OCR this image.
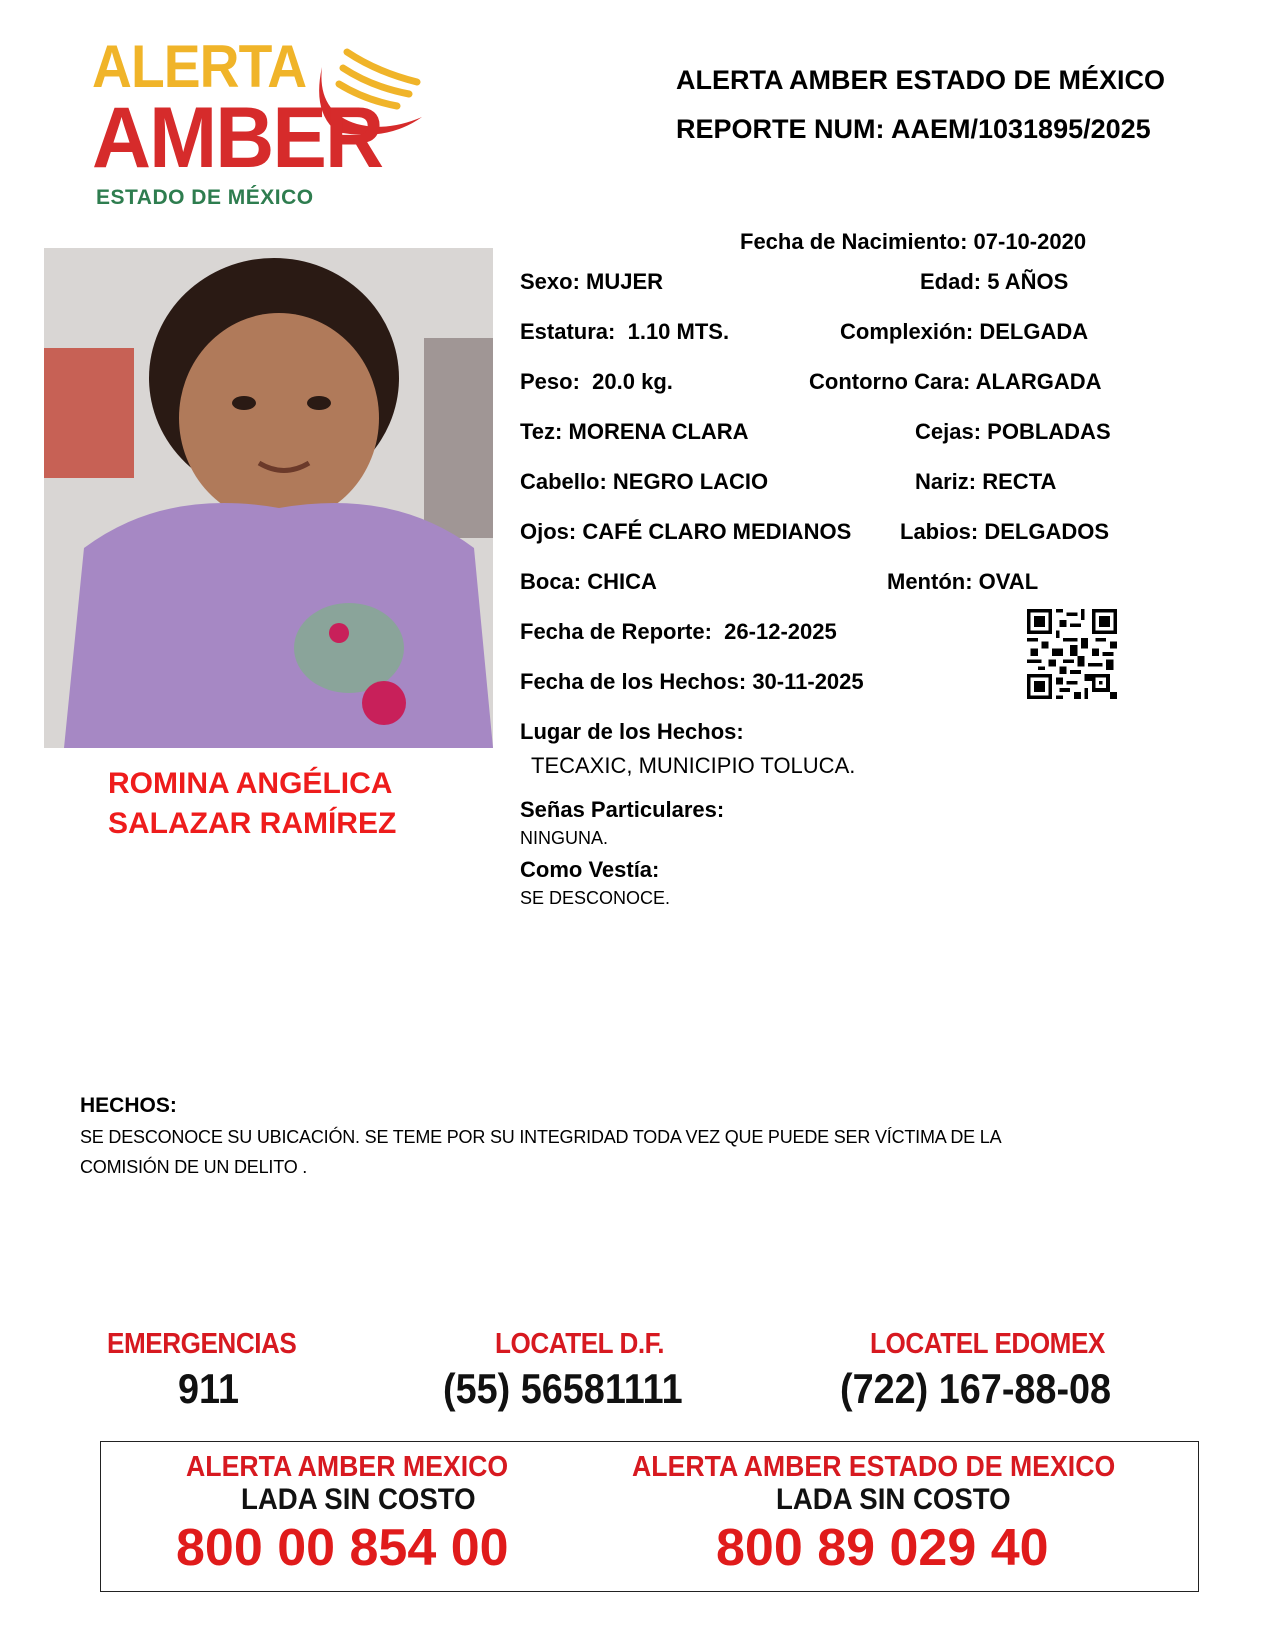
ALERTA
AMBER
ESTADO DE MÉXICO
ALERTA AMBER ESTADO DE MÉXICO
REPORTE NUM: AAEM/1031895/2025
ROMINA ANGÉLICA
SALAZAR RAMÍREZ
Fecha de Nacimiento: 07-10-2020
Sexo: MUJER	Edad: 5 AÑOS
Estatura: 1.10 MTS.	Complexión: DELGADA
Peso: 20.0 kg.	Contorno Cara: ALARGADA
Tez: MORENA CLARA	Cejas: POBLADAS
Cabello: NEGRO LACIO	Nariz: RECTA
Ojos: CAFÉ CLARO MEDIANOS Labios: DELGADOS
Boca: CHICA	Mentón: OVAL
Fecha de Reporte: 26-12-2025
Fecha de los Hechos: 30-11-2025
Lugar de los Hechos:
TECAXIC, MUNICIPIO TOLUCA.
Señas Particulares:
NINGUNA.
Como Vestía:
SE DESCONOCE.
HECHOS:
SE DESCONOCE SU UBICACIÓN. SE TEME POR SU INTEGRIDAD TODA VEZ QUE PUEDE SER VÍCTIMA DE LA
COMISIÓN DE UN DELITO .
EMERGENCIAS
911
LOCATEL D.F.
(55) 56581111
LOCATEL EDOMEX
(722) 167-88-08
ALERTA AMBER MEXICO
LADA SIN COSTO
800 00 854 00
ALERTA AMBER ESTADO DE MEXICO
LADA SIN COSTO
800 89 029 40
